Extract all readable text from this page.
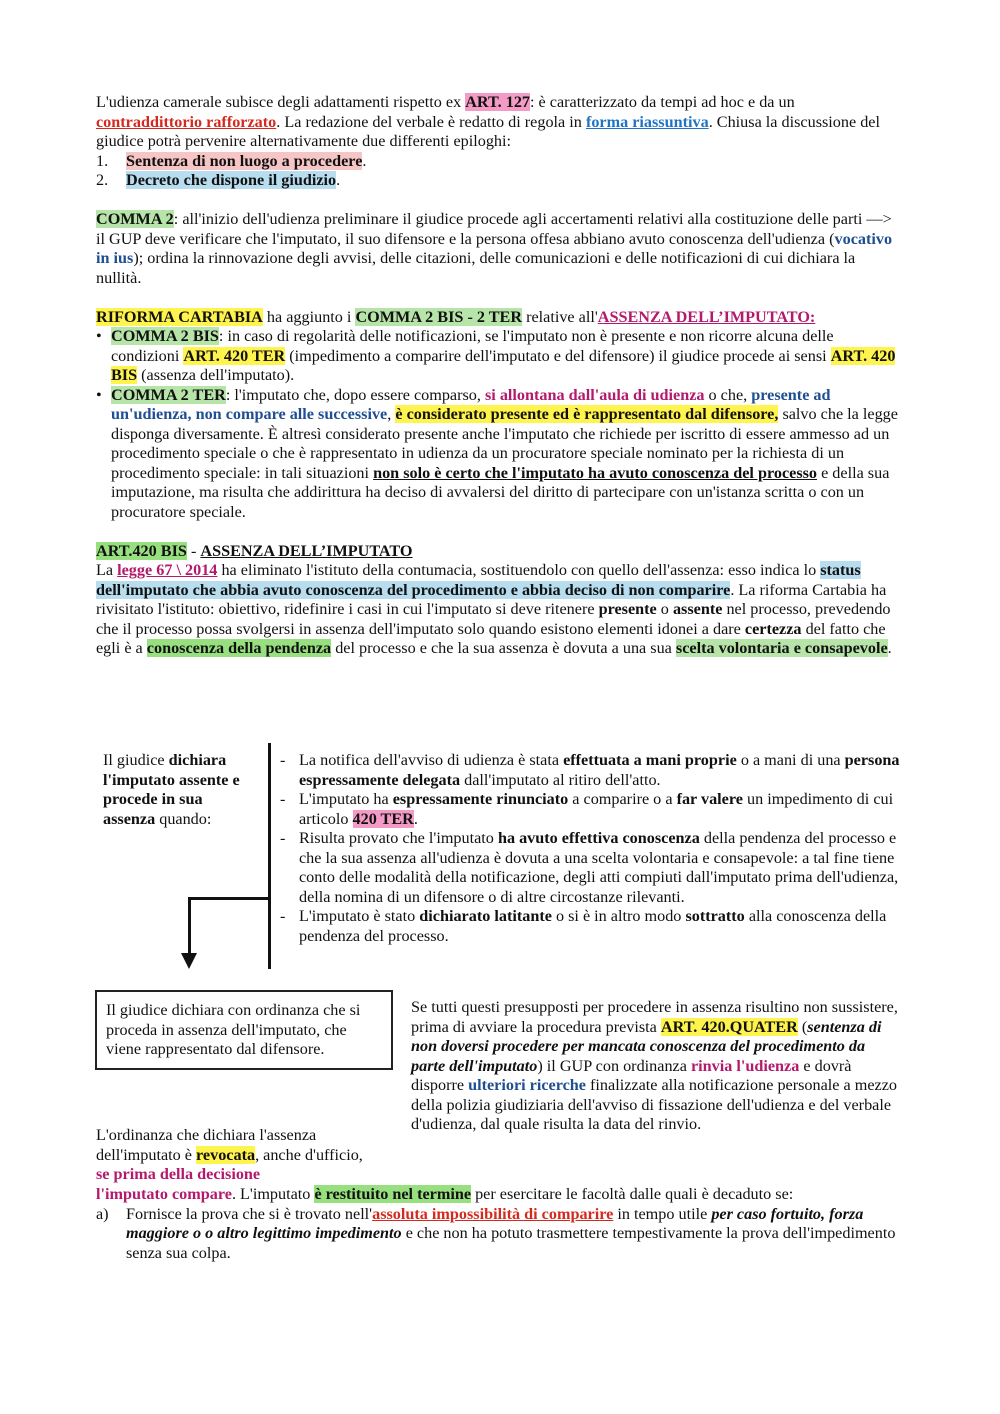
L'udienza camerale subisce degli adattamenti rispetto ex ART. 127: è caratterizzato da tempi ad hoc e da un contraddittorio rafforzato. La redazione del verbale è redatto di regola in forma riassuntiva. Chiusa la discussione del giudice potrà pervenire alternativamente due differenti epiloghi:

1.	Sentenza di non luogo a procedere.
2.	Decreto che dispone il giudizio.

COMMA 2: all'inizio dell'udienza preliminare il giudice procede agli accertamenti relativi alla costituzione delle parti —> il GUP deve verificare che l'imputato, il suo difensore e la persona offesa abbiano avuto conoscenza dell'udienza (vocativo in ius); ordina la rinnovazione degli avvisi, delle citazioni, delle comunicazioni e delle notificazioni di cui dichiara la nullità.

RIFORMA CARTABIA ha aggiunto i COMMA 2 BIS - 2 TER relative all'ASSENZA DELL’IMPUTATO:

• COMMA 2 BIS: in caso di regolarità delle notificazioni, se l'imputato non è presente e non ricorre alcuna delle condizioni ART. 420 TER (impedimento a comparire dell'imputato e del difensore) il giudice procede ai sensi ART. 420 BIS (assenza dell'imputato).
• COMMA 2 TER: l'imputato che, dopo essere comparso, si allontana dall'aula di udienza o che, presente ad un'udienza, non compare alle successive, è considerato presente ed è rappresentato dal difensore, salvo che la legge disponga diversamente. È altresì considerato presente anche l'imputato che richiede per iscritto di essere ammesso ad un procedimento speciale o che è rappresentato in udienza da un procuratore speciale nominato per la richiesta di un procedimento speciale: in tali situazioni non solo è certo che l'imputato ha avuto conoscenza del processo e della sua imputazione, ma risulta che addirittura ha deciso di avvalersi del diritto di partecipare con un'istanza scritta o con un procuratore speciale.

ART.420 BIS - ASSENZA DELL’IMPUTATO

La legge 67 \ 2014 ha eliminato l'istituto della contumacia, sostituendolo con quello dell'assenza: esso indica lo status dell'imputato che abbia avuto conoscenza del procedimento e abbia deciso di non comparire. La riforma Cartabia ha rivisitato l'istituto: obiettivo, ridefinire i casi in cui l'imputato si deve ritenere presente o assente nel processo, prevedendo che il processo possa svolgersi in assenza dell'imputato solo quando esistono elementi idonei a dare certezza del fatto che egli è a conoscenza della pendenza del processo e che la sua assenza è dovuta a una sua scelta volontaria e consapevole.

Il giudice dichiara l'imputato assente e procede in sua assenza quando:
- La notifica dell'avviso di udienza è stata effettuata a mani proprie o a mani di una persona espressamente delegata dall'imputato al ritiro dell'atto.
- L'imputato ha espressamente rinunciato a comparire o a far valere un impedimento di cui articolo 420 TER.
- Risulta provato che l'imputato ha avuto effettiva conoscenza della pendenza del processo e che la sua assenza all'udienza è dovuta a una scelta volontaria e consapevole: a tal fine tiene conto delle modalità della notificazione, degli atti compiuti dall'imputato prima dell'udienza, della nomina di un difensore o di altre circostanze rilevanti.
- L'imputato è stato dichiarato latitante o si è in altro modo sottratto alla conoscenza della pendenza del processo.
Il giudice dichiara con ordinanza che si proceda in assenza dell'imputato, che viene rappresentato dal difensore.
Se tutti questi presupposti per procedere in assenza risultino non sussistere, prima di avviare la procedura prevista ART. 420.QUATER (sentenza di non doversi procedere per mancata conoscenza del procedimento da parte dell'imputato) il GUP con ordinanza rinvia l'udienza e dovrà disporre ulteriori ricerche finalizzate alla notificazione personale a mezzo della polizia giudiziaria dell'avviso di fissazione dell'udienza e del verbale d'udienza, dal quale risulta la data del rinvio.
L'ordinanza che dichiara l'assenza dell'imputato è revocata, anche d'ufficio, se prima della decisione

l'imputato compare. L'imputato è restituito nel termine per esercitare le facoltà dalle quali è decaduto se:

a)	Fornisce la prova che si è trovato nell'assoluta impossibilità di comparire in tempo utile per caso fortuito, forza maggiore o o altro legittimo impedimento e che non ha potuto trasmettere tempestivamente la prova dell'impedimento senza sua colpa.
